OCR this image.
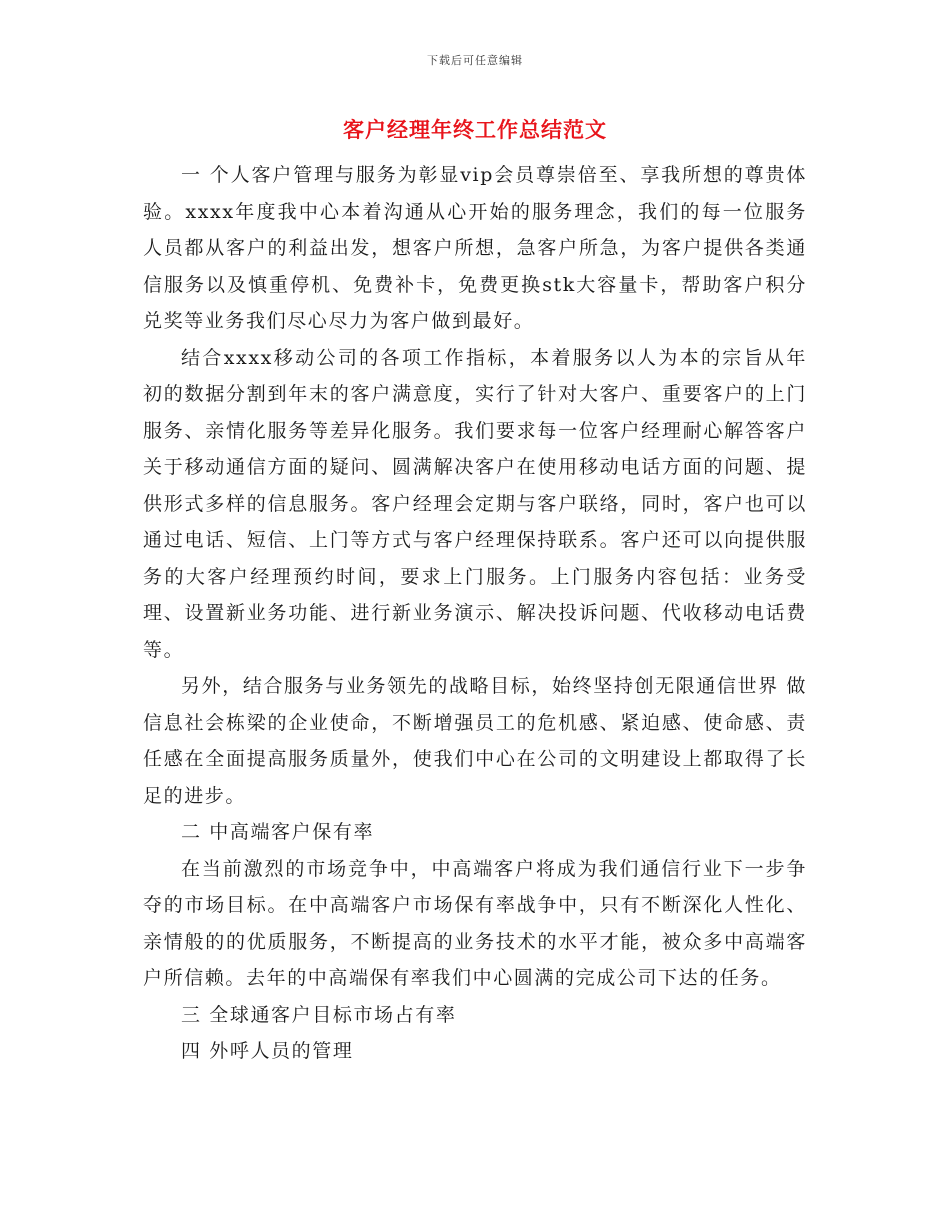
下载后可任意编辑
客户经理年终工作总结范文

一 个人客户管理与服务为彰显vip会员尊崇倍至、享我所想的尊贵体验。xxxx年度我中心本着沟通从心开始的服务理念，我们的每一位服务人员都从客户的利益出发，想客户所想，急客户所急，为客户提供各类通信服务以及慎重停机、免费补卡，免费更换stk大容量卡，帮助客户积分兑奖等业务我们尽心尽力为客户做到最好。

结合xxxx移动公司的各项工作指标，本着服务以人为本的宗旨从年初的数据分割到年末的客户满意度，实行了针对大客户、重要客户的上门服务、亲情化服务等差异化服务。我们要求每一位客户经理耐心解答客户关于移动通信方面的疑问、圆满解决客户在使用移动电话方面的问题、提供形式多样的信息服务。客户经理会定期与客户联络，同时，客户也可以通过电话、短信、上门等方式与客户经理保持联系。客户还可以向提供服务的大客户经理预约时间，要求上门服务。上门服务内容包括：业务受理、设置新业务功能、进行新业务演示、解决投诉问题、代收移动电话费等。

另外，结合服务与业务领先的战略目标，始终坚持创无限通信世界 做信息社会栋梁的企业使命，不断增强员工的危机感、紧迫感、使命感、责任感在全面提高服务质量外，使我们中心在公司的文明建设上都取得了长足的进步。

二 中高端客户保有率

在当前激烈的市场竞争中，中高端客户将成为我们通信行业下一步争夺的市场目标。在中高端客户市场保有率战争中，只有不断深化人性化、亲情般的的优质服务，不断提高的业务技术的水平才能，被众多中高端客户所信赖。去年的中高端保有率我们中心圆满的完成公司下达的任务。

三 全球通客户目标市场占有率

四 外呼人员的管理
